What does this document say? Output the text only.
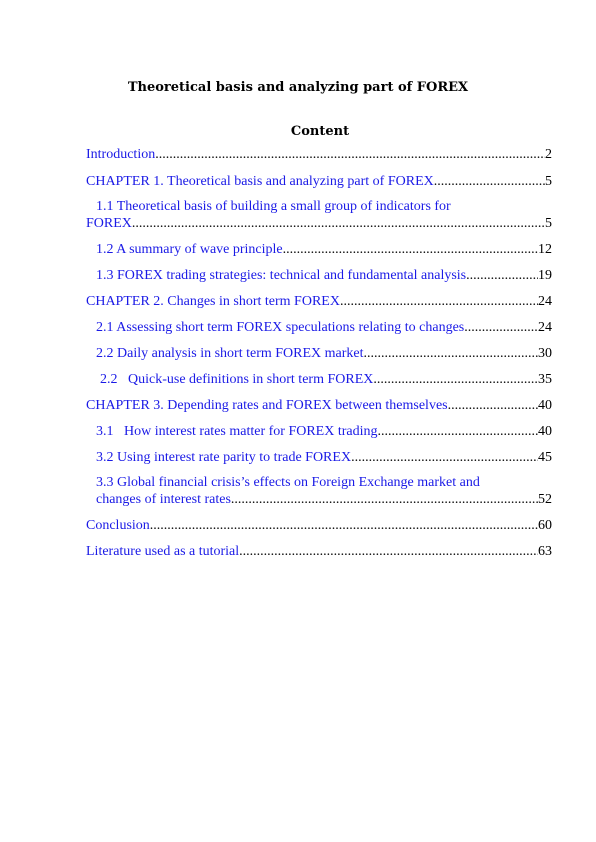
Theoretical basis and analyzing part of FOREX
Content
Introduction .....	2
CHAPTER 1. Theoretical basis and analyzing part of FOREX .....	5
1.1 Theoretical basis of building a small group of indicators for
FOREX .....	5
1.2 A summary of wave principle .....	12
1.3 FOREX trading strategies: technical and fundamental analysis .....	19
CHAPTER 2. Changes in short term FOREX .....	24
2.1 Assessing short term FOREX speculations relating to changes .....	24
2.2 Daily analysis in short term FOREX market .....	30
2.2   Quick-use definitions in short term FOREX .....	35
CHAPTER 3. Depending rates and FOREX between themselves .....	40
3.1   How interest rates matter for FOREX trading .....	40
3.2 Using interest rate parity to trade FOREX .....	45
3.3 Global financial crisis’s effects on Foreign Exchange market and
changes of interest rates .....	52
Conclusion .....	60
Literature used as a tutorial .....	63
